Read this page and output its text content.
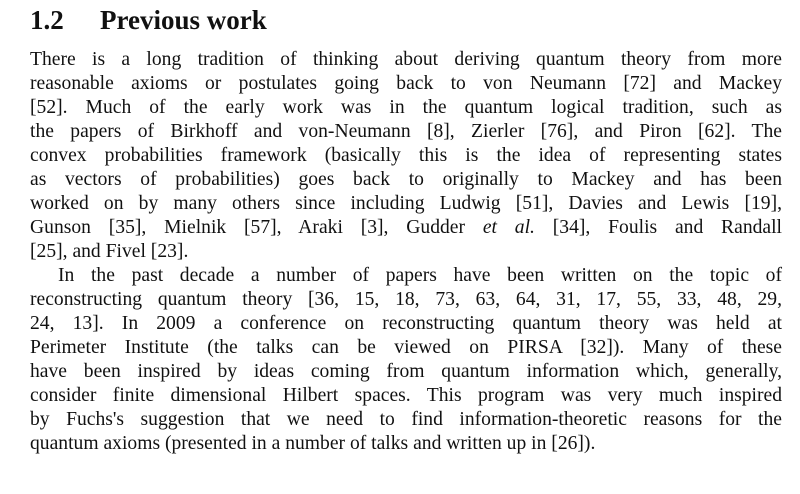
1.2 Previous work
There is a long tradition of thinking about deriving quantum theory from more
reasonable axioms or postulates going back to von Neumann [72] and Mackey
[52]. Much of the early work was in the quantum logical tradition, such as
the papers of Birkhoff and von-Neumann [8], Zierler [76], and Piron [62]. The
convex probabilities framework (basically this is the idea of representing states
as vectors of probabilities) goes back to originally to Mackey and has been
worked on by many others since including Ludwig [51], Davies and Lewis [19],
Gunson [35], Mielnik [57], Araki [3], Gudder et al. [34], Foulis and Randall
[25], and Fivel [23].
In the past decade a number of papers have been written on the topic of
reconstructing quantum theory [36, 15, 18, 73, 63, 64, 31, 17, 55, 33, 48, 29,
24, 13]. In 2009 a conference on reconstructing quantum theory was held at
Perimeter Institute (the talks can be viewed on PIRSA [32]). Many of these
have been inspired by ideas coming from quantum information which, generally,
consider finite dimensional Hilbert spaces. This program was very much inspired
by Fuchs's suggestion that we need to find information-theoretic reasons for the
quantum axioms (presented in a number of talks and written up in [26]).
